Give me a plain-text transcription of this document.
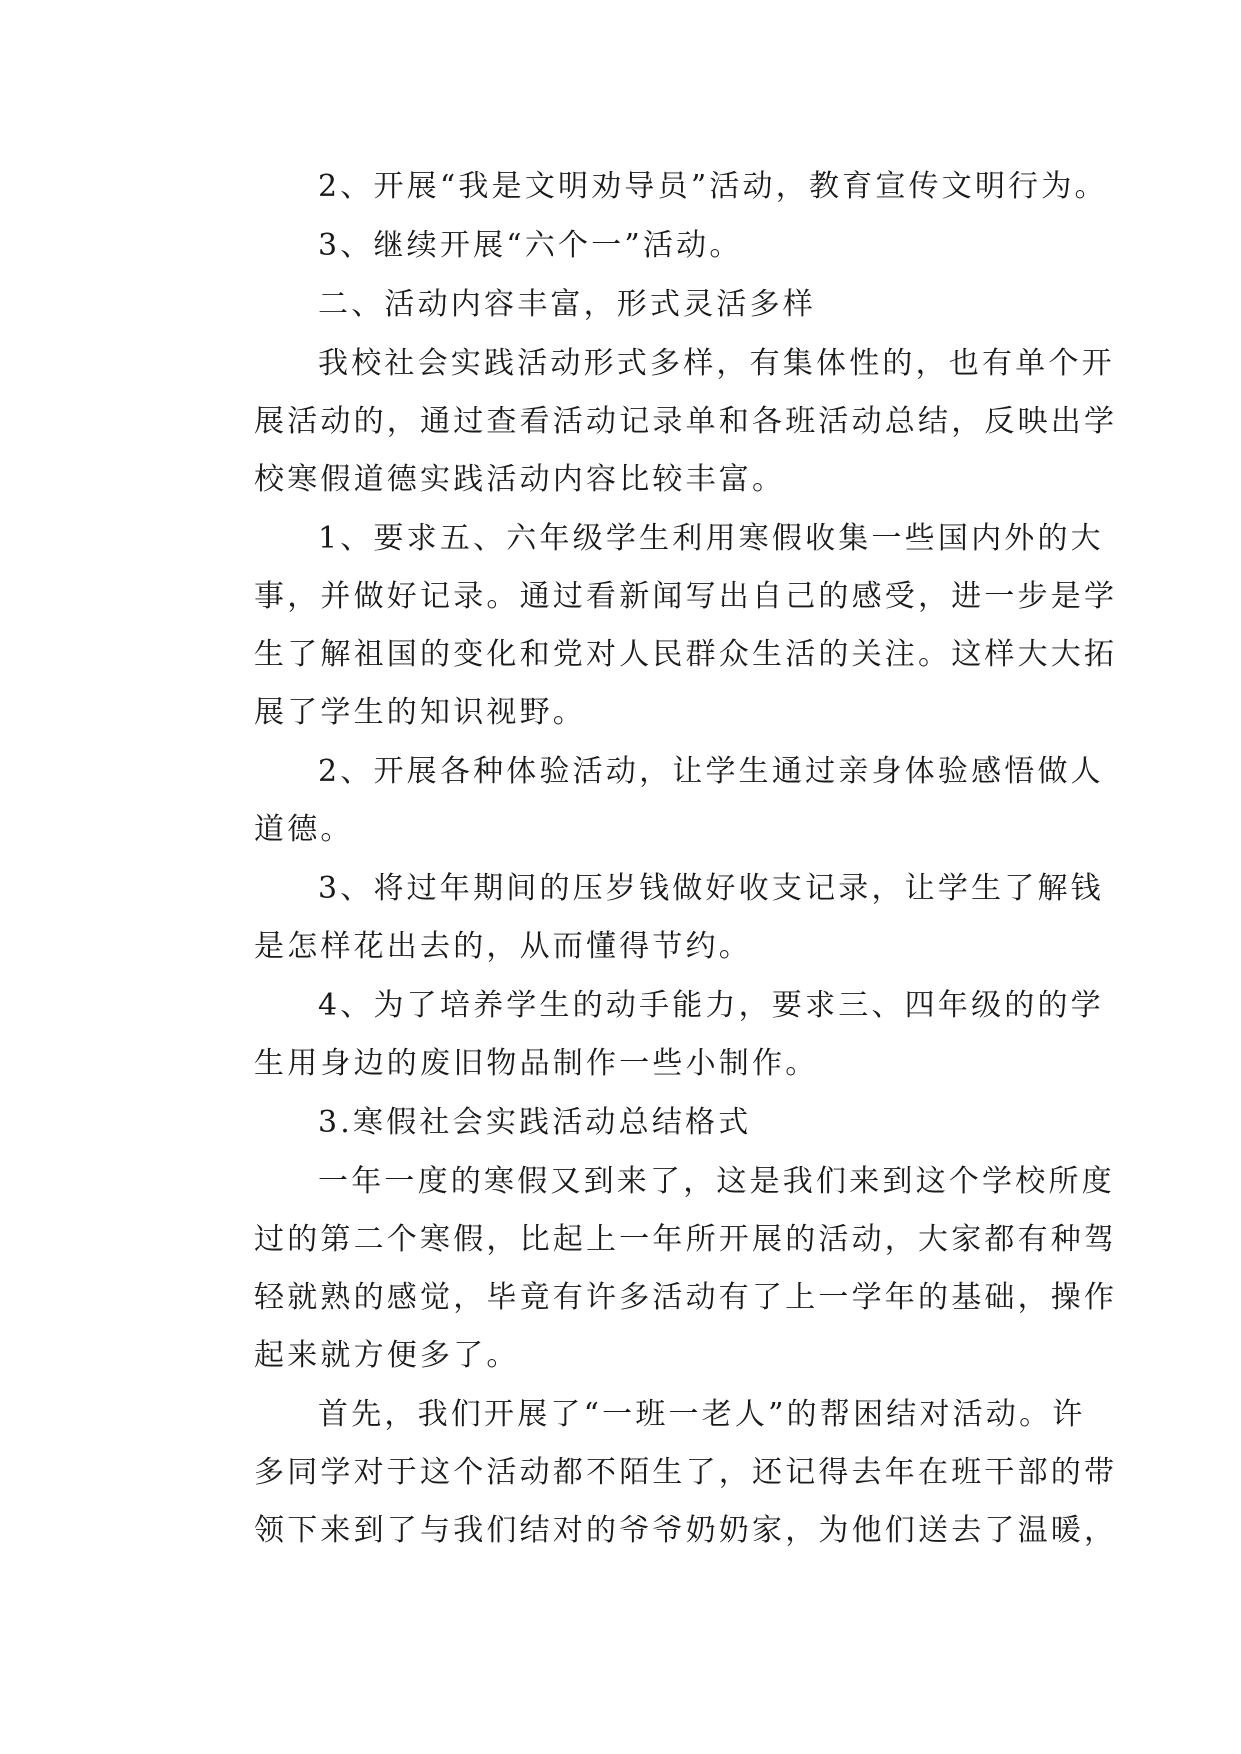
2、开展“我是文明劝导员”活动，教育宣传文明行为。
3、继续开展“六个一”活动。
二、活动内容丰富，形式灵活多样
我校社会实践活动形式多样，有集体性的，也有单个开
展活动的，通过查看活动记录单和各班活动总结，反映出学
校寒假道德实践活动内容比较丰富。
1、要求五、六年级学生利用寒假收集一些国内外的大
事，并做好记录。通过看新闻写出自己的感受，进一步是学
生了解祖国的变化和党对人民群众生活的关注。这样大大拓
展了学生的知识视野。
2、开展各种体验活动，让学生通过亲身体验感悟做人
道德。
3、将过年期间的压岁钱做好收支记录，让学生了解钱
是怎样花出去的，从而懂得节约。
4、为了培养学生的动手能力，要求三、四年级的的学
生用身边的废旧物品制作一些小制作。
3.寒假社会实践活动总结格式
一年一度的寒假又到来了，这是我们来到这个学校所度
过的第二个寒假，比起上一年所开展的活动，大家都有种驾
轻就熟的感觉，毕竟有许多活动有了上一学年的基础，操作
起来就方便多了。
首先，我们开展了“一班一老人”的帮困结对活动。许
多同学对于这个活动都不陌生了，还记得去年在班干部的带
领下来到了与我们结对的爷爷奶奶家，为他们送去了温暖，
